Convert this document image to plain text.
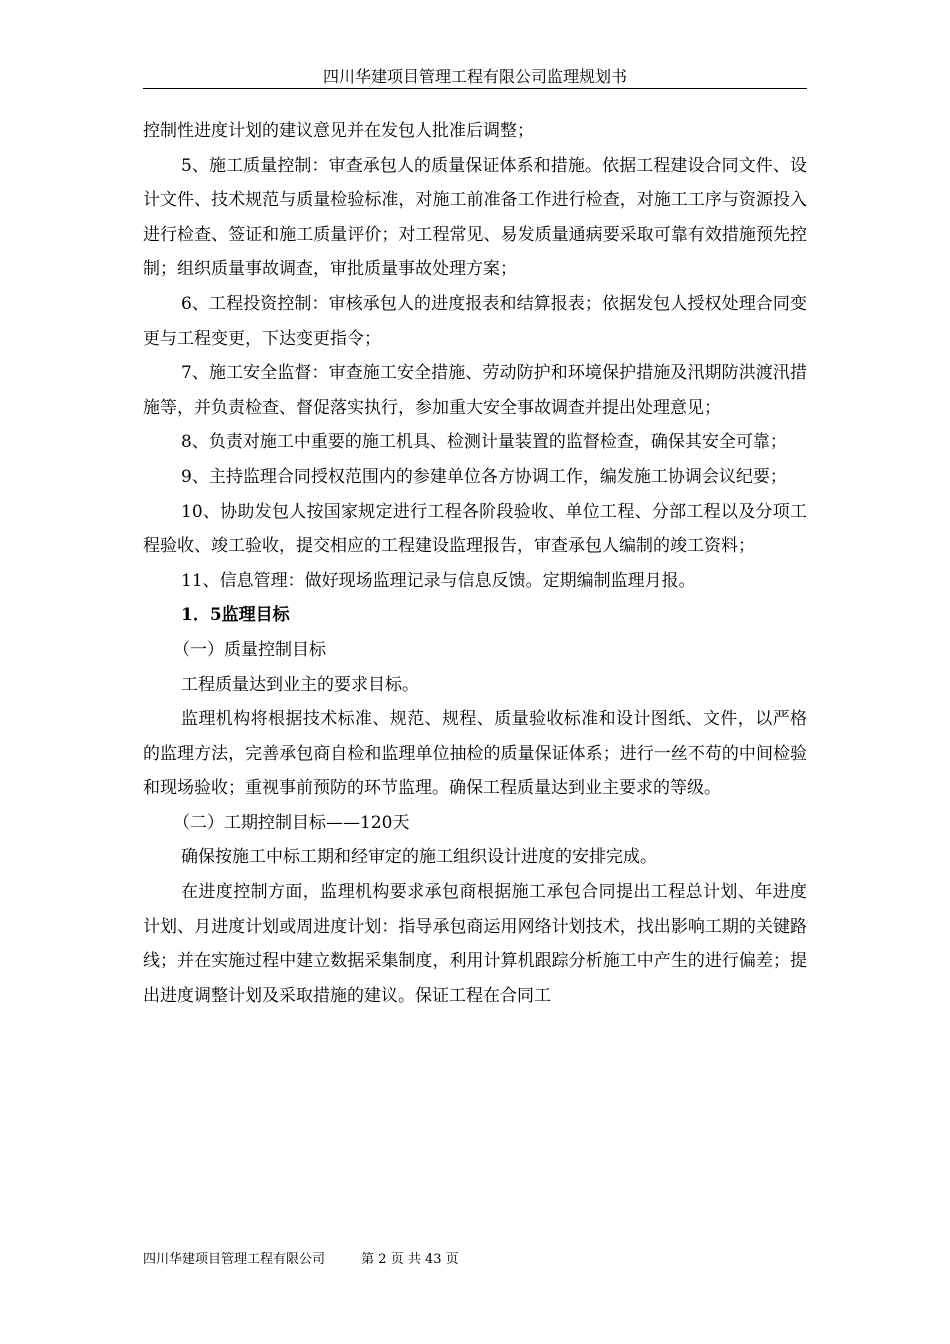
四川华建项目管理工程有限公司监理规划书

控制性进度计划的建议意见并在发包人批准后调整；

5、施工质量控制：审查承包人的质量保证体系和措施。依据工程建设合同文件、设计文件、技术规范与质量检验标准，对施工前准备工作进行检查，对施工工序与资源投入进行检查、签证和施工质量评价；对工程常见、易发质量通病要采取可靠有效措施预先控制；组织质量事故调查，审批质量事故处理方案；

6、工程投资控制：审核承包人的进度报表和结算报表；依据发包人授权处理合同变更与工程变更，下达变更指令；

7、施工安全监督：审查施工安全措施、劳动防护和环境保护措施及汛期防洪渡汛措施等，并负责检查、督促落实执行，参加重大安全事故调查并提出处理意见；

8、负责对施工中重要的施工机具、检测计量装置的监督检查，确保其安全可靠；

9、主持监理合同授权范围内的参建单位各方协调工作，编发施工协调会议纪要；

10、协助发包人按国家规定进行工程各阶段验收、单位工程、分部工程以及分项工程验收、竣工验收，提交相应的工程建设监理报告，审查承包人编制的竣工资料；

11、信息管理：做好现场监理记录与信息反馈。定期编制监理月报。

1．5监理目标

（一）质量控制目标

工程质量达到业主的要求目标。

监理机构将根据技术标准、规范、规程、质量验收标准和设计图纸、文件，以严格的监理方法，完善承包商自检和监理单位抽检的质量保证体系；进行一丝不苟的中间检验和现场验收；重视事前预防的环节监理。确保工程质量达到业主要求的等级。

（二）工期控制目标——120天

确保按施工中标工期和经审定的施工组织设计进度的安排完成。

在进度控制方面，监理机构要求承包商根据施工承包合同提出工程总计划、年进度计划、月进度计划或周进度计划：指导承包商运用网络计划技术，找出影响工期的关键路线；并在实施过程中建立数据采集制度，利用计算机跟踪分析施工中产生的进行偏差；提出进度调整计划及采取措施的建议。保证工程在合同工

四川华建项目管理工程有限公司	第 2 页 共 43 页
